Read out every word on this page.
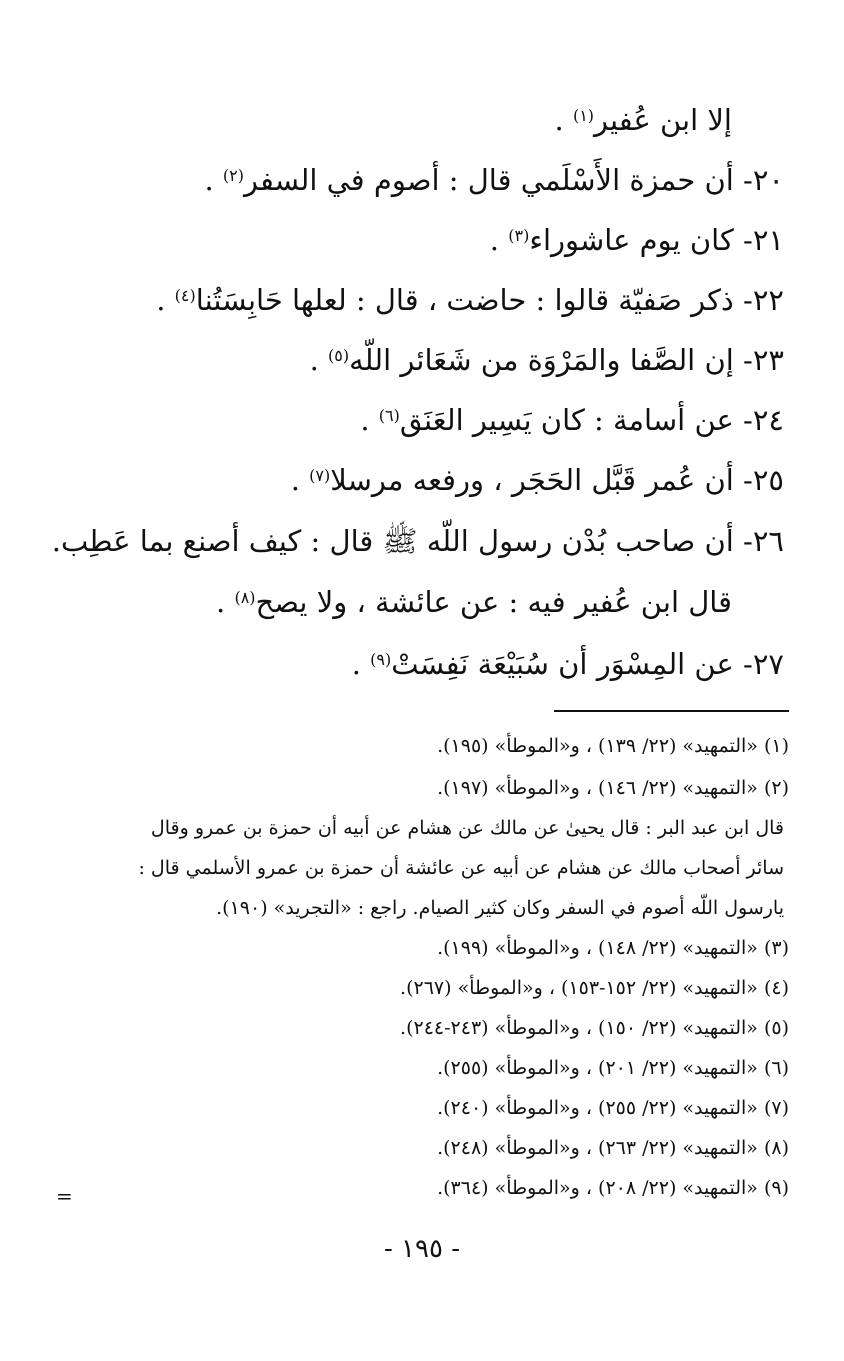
إلا ابن عُفير$^{(١)}$ .
٢٠- أن حمزة الأَسْلَمي قال : أصوم في السفر$^{(٢)}$ .
٢١- كان يوم عاشوراء$^{(٣)}$ .
٢٢- ذكر صَفيّة قالوا : حاضت ، قال : لعلها حَابِسَتُنا$^{(٤)}$ .
٢٣- إن الصَّفا والمَرْوَة من شَعَائر اللّه$^{(٥)}$ .
٢٤- عن أسامة : كان يَسِير العَنَق$^{(٦)}$ .
٢٥- أن عُمر قَبَّل الحَجَر ، ورفعه مرسلا$^{(٧)}$ .
٢٦- أن صاحب بُدْن رسول اللّه ﷺ قال : كيف أصنع بما عَطِب.
قال ابن عُفير فيه : عن عائشة ، ولا يصح$^{(٨)}$ .
٢٧- عن المِسْوَر أن سُبَيْعَة نَفِسَتْ$^{(٩)}$ .
(١) «التمهيد» (٢٢/ ١٣٩) ، و«الموطأ» (١٩٥).
(٢) «التمهيد» (٢٢/ ١٤٦) ، و«الموطأ» (١٩٧).
قال ابن عبد البر : قال يحيىٰ عن مالك عن هشام عن أبيه أن حمزة بن عمرو وقال
سائر أصحاب مالك عن هشام عن أبيه عن عائشة أن حمزة بن عمرو الأسلمي قال :
يارسول اللّه أصوم في السفر وكان كثير الصيام. راجع : «التجريد» (١٩٠).
(٣) «التمهيد» (٢٢/ ١٤٨) ، و«الموطأ» (١٩٩).
(٤) «التمهيد» (٢٢/ ١٥٢-١٥٣) ، و«الموطأ» (٢٦٧).
(٥) «التمهيد» (٢٢/ ١٥٠) ، و«الموطأ» (٢٤٣-٢٤٤).
(٦) «التمهيد» (٢٢/ ٢٠١) ، و«الموطأ» (٢٥٥).
(٧) «التمهيد» (٢٢/ ٢٥٥) ، و«الموطأ» (٢٤٠).
(٨) «التمهيد» (٢٢/ ٢٦٣) ، و«الموطأ» (٢٤٨).
(٩) «التمهيد» (٢٢/ ٢٠٨) ، و«الموطأ» (٣٦٤).
=
- ١٩٥ -
